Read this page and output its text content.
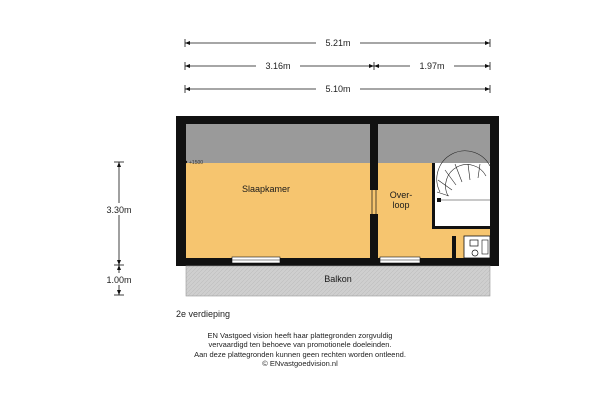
5.21m
3.16m	1.97m
5.10m
3.30m
1.00m
Slaapkamer
Over-
loop
Balkon
+1500

2e verdieping

EN Vastgoed vision heeft haar plattegronden zorgvuldig
vervaardigd ten behoeve van promotionele doeleinden.
Aan deze plattegronden kunnen geen rechten worden ontleend.
© ENvastgoedvision.nl
